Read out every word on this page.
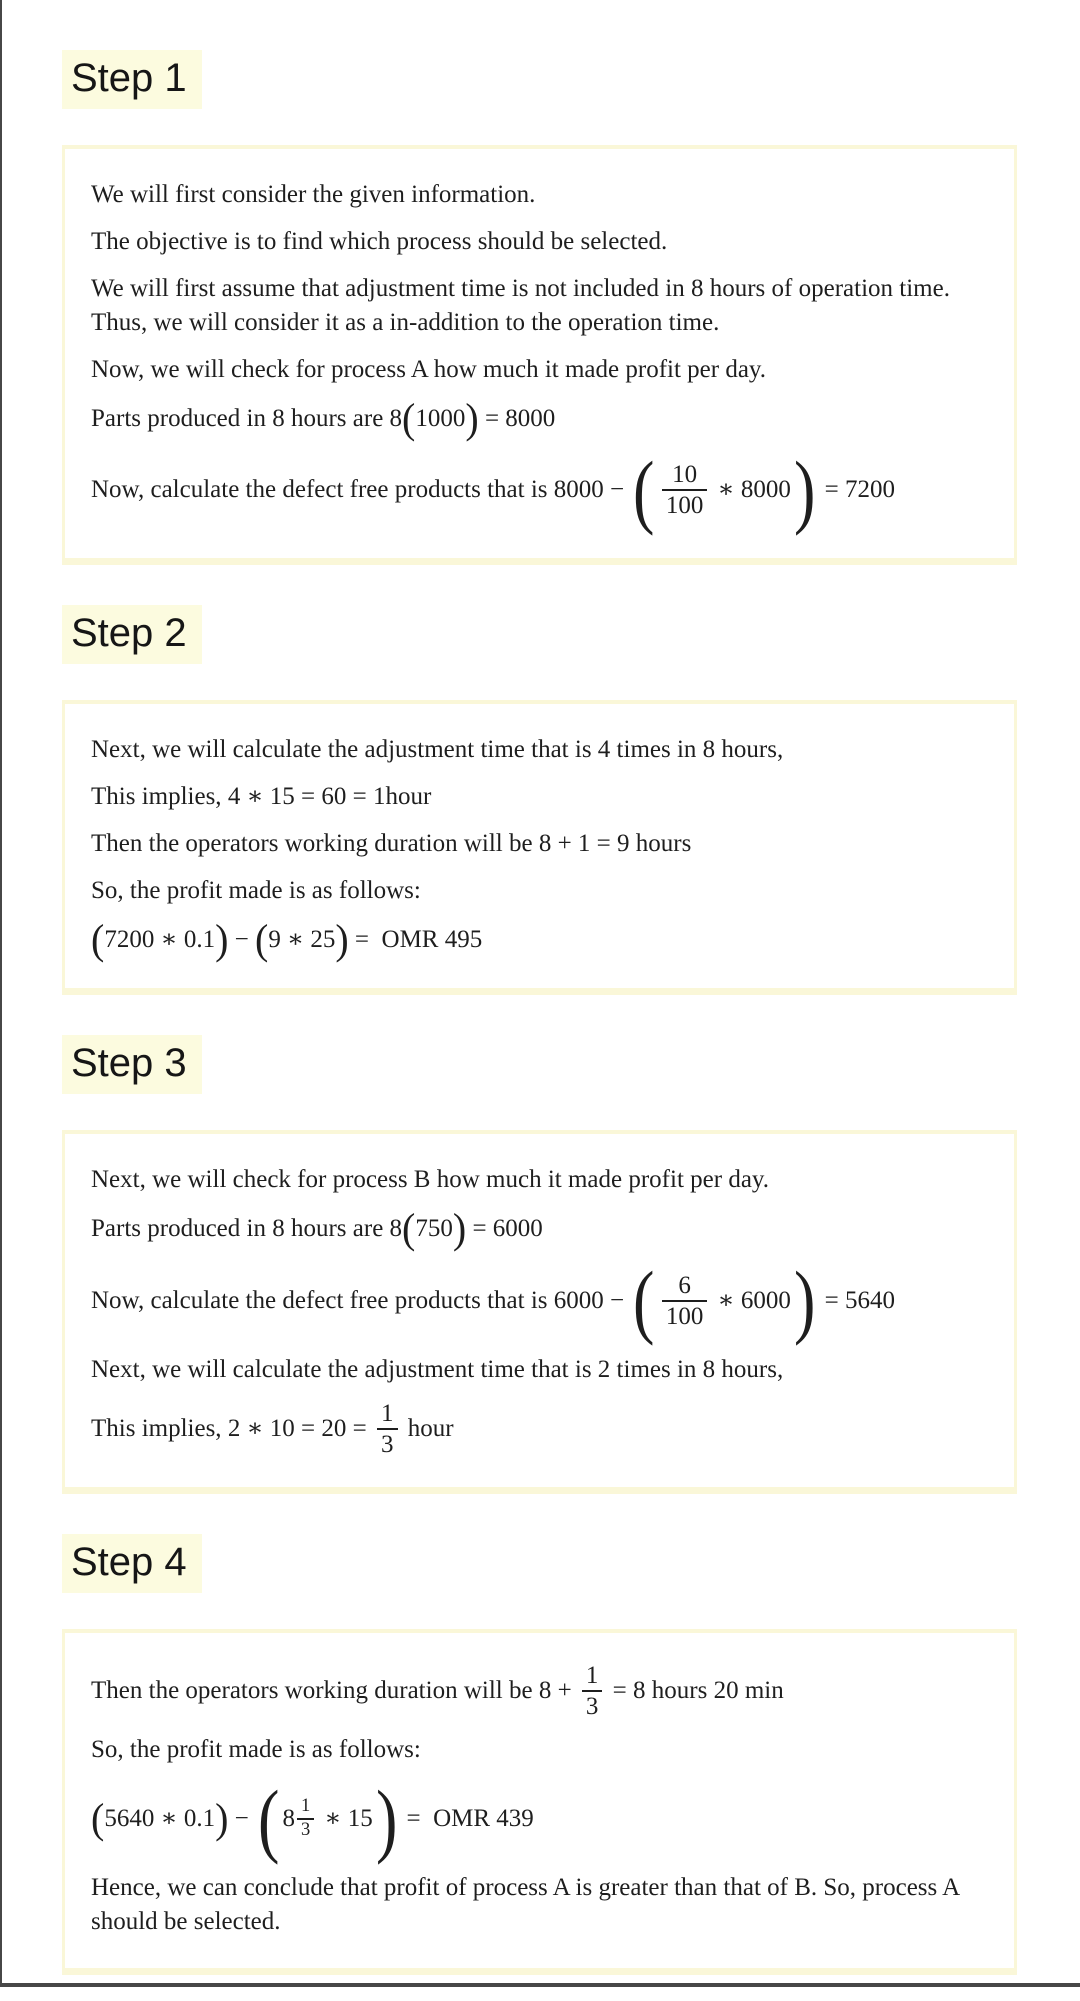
Step 1
We will first consider the given information.
The objective is to find which process should be selected.
We will first assume that adjustment time is not included in 8 hours of operation time. Thus, we will consider it as a in-addition to the operation time.
Now, we will check for process A how much it made profit per day.
Parts produced in 8 hours are 8 ( 1000 ) = 8000
Now, calculate the defect free products that is 8000 − ( $\frac{10}{100}$ ∗ 8000 ) = 7200
Step 2
Next, we will calculate the adjustment time that is 4 times in 8 hours,
This implies, 4 ∗ 15 = 60 = 1hour
Then the operators working duration will be 8 + 1 = 9 hours
So, the profit made is as follows:
( 7200 ∗ 0.1 ) − ( 9 ∗ 25 ) =  OMR 495
Step 3
Next, we will check for process B how much it made profit per day.
Parts produced in 8 hours are 8 ( 750 ) = 6000
Now, calculate the defect free products that is 6000 − ( $\frac{6}{100}$ ∗ 6000 ) = 5640
Next, we will calculate the adjustment time that is 2 times in 8 hours,
This implies, 2 ∗ $10 = 20 = \frac{1}{3}$ hour
Step 4
Then the operators working duration will be $8 + \frac{1}{3} = 8$ hours 20 min
So, the profit made is as follows:
( 5640 ∗ 0.1 ) − ( $8 \frac{1}{3}$ ∗ 15 ) =  OMR 439
Hence, we can conclude that profit of process A is greater than that of B. So, process A should be selected.
